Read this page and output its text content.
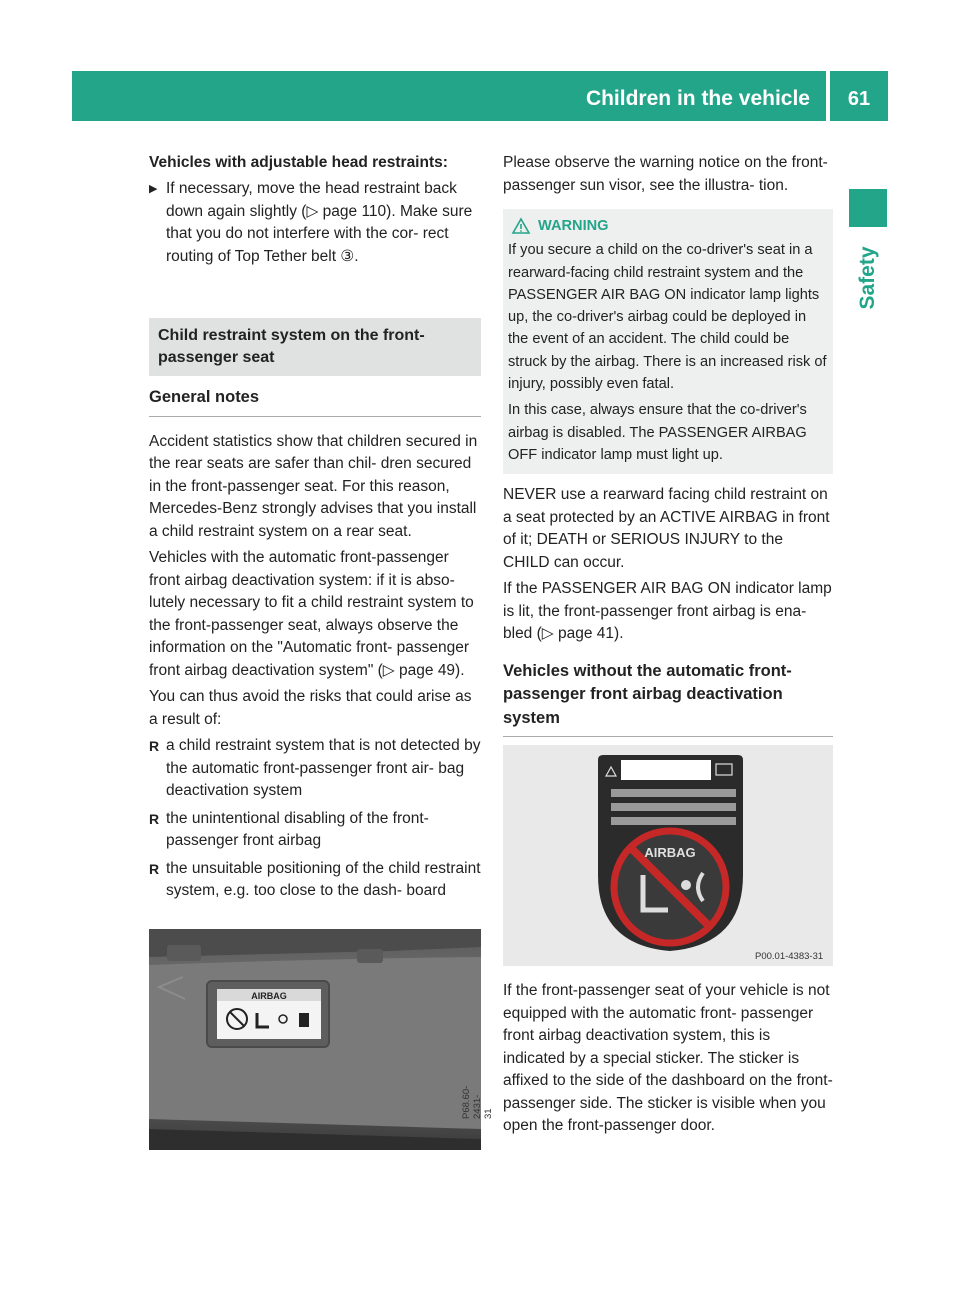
Children in the vehicle	61
Safety

Vehicles with adjustable head restraints:

▶ If necessary, move the head restraint back down again slightly (▷ page 110). Make sure that you do not interfere with the cor- rect routing of Top Tether belt ③.
Child restraint system on the front-passenger seat
General notes

Accident statistics show that children secured in the rear seats are safer than chil- dren secured in the front-passenger seat. For this reason, Mercedes-Benz strongly advises that you install a child restraint system on a rear seat.

Vehicles with the automatic front-passenger front airbag deactivation system: if it is abso- lutely necessary to fit a child restraint system to the front-passenger seat, always observe the information on the "Automatic front- passenger front airbag deactivation system" (▷ page 49).

You can thus avoid the risks that could arise as a result of:

R a child restraint system that is not detected by the automatic front-passenger front air- bag deactivation system
R the unintentional disabling of the front- passenger front airbag
R the unsuitable positioning of the child restraint system, e.g. too close to the dash- board
AIRBAG
P68.60-2431-31

Please observe the warning notice on the front-passenger sun visor, see the illustra- tion.

WARNING

If you secure a child on the co-driver's seat in a rearward-facing child restraint system and the PASSENGER AIR BAG ON indicator lamp lights up, the co-driver's airbag could be deployed in the event of an accident. The child could be struck by the airbag. There is an increased risk of injury, possibly even fatal.

In this case, always ensure that the co-driver's airbag is disabled. The PASSENGER AIRBAG OFF indicator lamp must light up.

NEVER use a rearward facing child restraint on a seat protected by an ACTIVE AIRBAG in front of it; DEATH or SERIOUS INJURY to the CHILD can occur.

If the PASSENGER AIR BAG ON indicator lamp is lit, the front-passenger front airbag is ena- bled (▷ page 41).

Vehicles without the automatic front-passenger front airbag deactivation system
AIRBAG
P00.01-4383-31

If the front-passenger seat of your vehicle is not equipped with the automatic front- passenger front airbag deactivation system, this is indicated by a special sticker. The sticker is affixed to the side of the dashboard on the front-passenger side. The sticker is visible when you open the front-passenger door.
